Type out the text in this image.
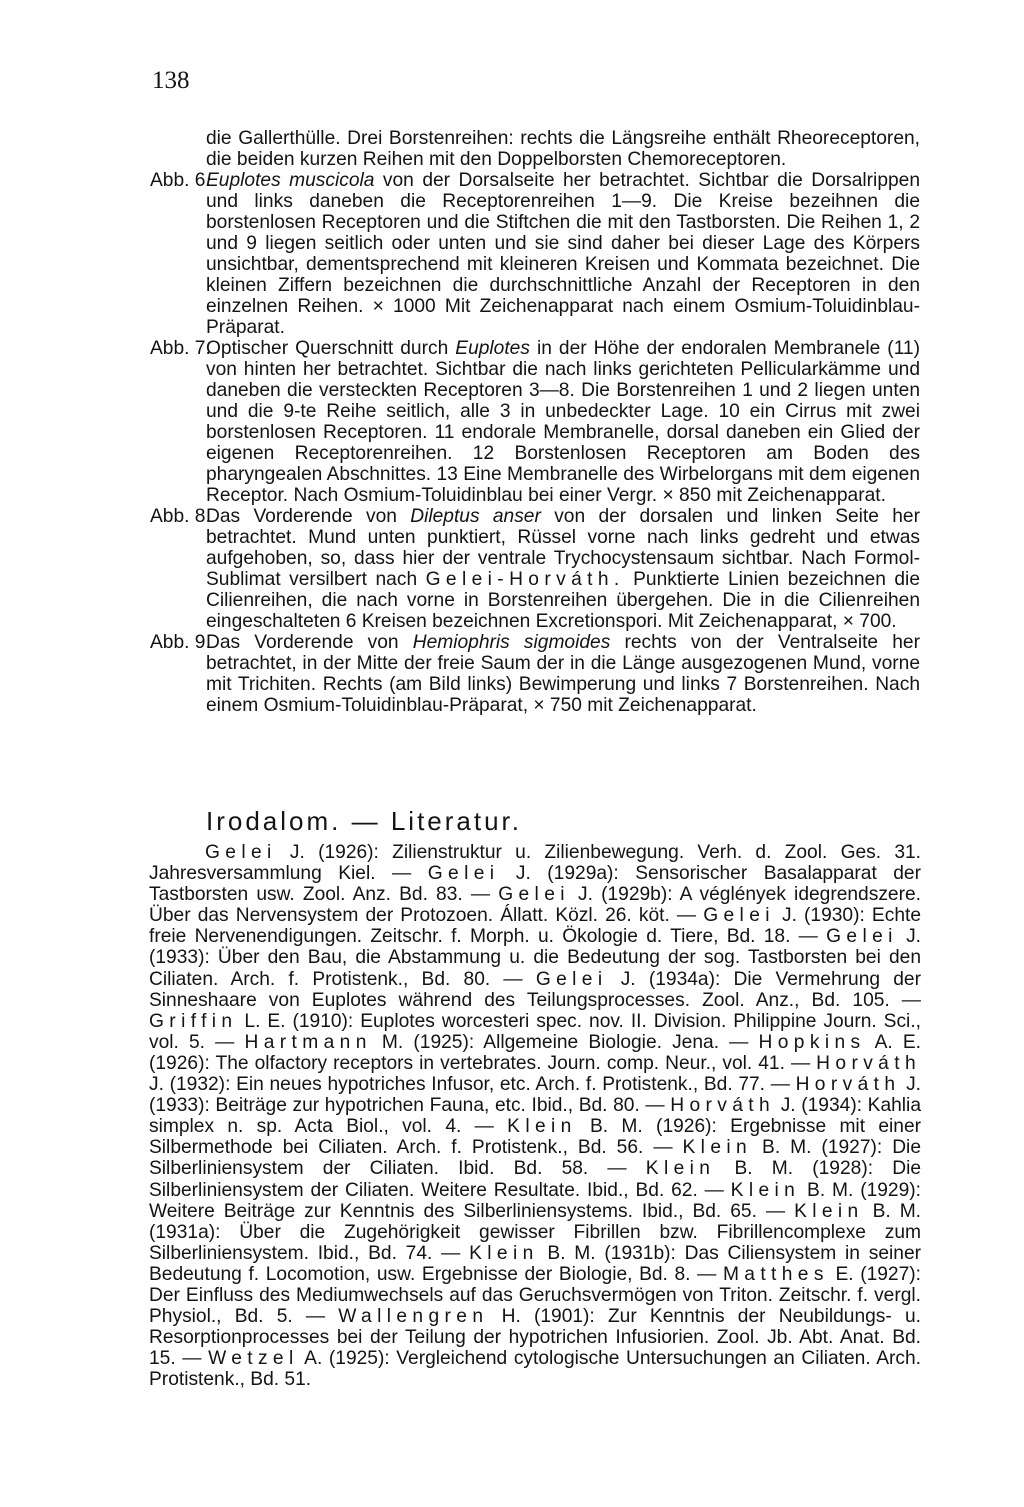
138

die Gallerthülle. Drei Borstenreihen: rechts die Längsreihe enthält Rheoreceptoren, die beiden kurzen Reihen mit den Doppelborsten Chemoreceptoren.

Abb. 6.
Euplotes muscicola von der Dorsalseite her betrachtet. Sichtbar die Dorsalrippen und links daneben die Receptorenreihen 1—9. Die Kreise bezeihnen die borstenlosen Receptoren und die Stiftchen die mit den Tastborsten. Die Reihen 1, 2 und 9 liegen seitlich oder unten und sie sind daher bei dieser Lage des Körpers unsichtbar, dementsprechend mit kleineren Kreisen und Kommata bezeichnet. Die kleinen Ziffern bezeichnen die durchschnittliche Anzahl der Receptoren in den einzelnen Reihen. × 1000 Mit Zeichenapparat nach einem Osmium-Toluidinblau-Präparat.
Abb. 7.
Optischer Querschnitt durch Euplotes in der Höhe der endoralen Membranele (11) von hinten her betrachtet. Sichtbar die nach links gerichteten Pellicularkämme und daneben die versteckten Receptoren 3—8. Die Borstenreihen 1 und 2 liegen unten und die 9-te Reihe seitlich, alle 3 in unbedeckter Lage. 10 ein Cirrus mit zwei borstenlosen Receptoren. 11 endorale Membranelle, dorsal daneben ein Glied der eigenen Receptorenreihen. 12 Borstenlosen Receptoren am Boden des pharyngealen Abschnittes. 13 Eine Membranelle des Wirbelorgans mit dem eigenen Receptor. Nach Osmium-Toluidinblau bei einer Vergr. × 850 mit Zeichenapparat.
Abb. 8.
Das Vorderende von Dileptus anser von der dorsalen und linken Seite her betrachtet. Mund unten punktiert, Rüssel vorne nach links gedreht und etwas aufgehoben, so, dass hier der ventrale Trychocystensaum sichtbar. Nach Formol-Sublimat versilbert nach Gelei-Horváth. Punktierte Linien bezeichnen die Cilienreihen, die nach vorne in Borstenreihen übergehen. Die in die Cilienreihen eingeschalteten 6 Kreisen bezeichnen Excretionspori. Mit Zeichenapparat, × 700.
Abb. 9.
Das Vorderende von Hemiophris sigmoides rechts von der Ventralseite her betrachtet, in der Mitte der freie Saum der in die Länge ausgezogenen Mund, vorne mit Trichiten. Rechts (am Bild links) Bewimperung und links 7 Borstenreihen. Nach einem Osmium-Toluidinblau-Präparat, × 750 mit Zeichenapparat.
Irodalom. — Literatur.

Gelei J. (1926): Zilienstruktur u. Zilienbewegung. Verh. d. Zool. Ges. 31. Jahresversammlung Kiel. — Gelei J. (1929a): Sensorischer Basalapparat der Tastborsten usw. Zool. Anz. Bd. 83. — Gelei J. (1929b): A véglények idegrendszere. Über das Nervensystem der Protozoen. Állatt. Közl. 26. köt. — Gelei J. (1930): Echte freie Nervenendigungen. Zeitschr. f. Morph. u. Ökologie d. Tiere, Bd. 18. — Gelei J. (1933): Über den Bau, die Abstammung u. die Bedeutung der sog. Tastborsten bei den Ciliaten. Arch. f. Protistenk., Bd. 80. — Gelei J. (1934a): Die Vermehrung der Sinneshaare von Euplotes während des Teilungsprocesses. Zool. Anz., Bd. 105. — Griffin L. E. (1910): Euplotes worcesteri spec. nov. II. Division. Philippine Journ. Sci., vol. 5. — Hartmann M. (1925): Allgemeine Biologie. Jena. — Hopkins A. E. (1926): The olfactory receptors in vertebrates. Journ. comp. Neur., vol. 41. — Horváth J. (1932): Ein neues hypotriches Infusor, etc. Arch. f. Protistenk., Bd. 77. — Horváth J. (1933): Beiträge zur hypotrichen Fauna, etc. Ibid., Bd. 80. — Horváth J. (1934): Kahlia simplex n. sp. Acta Biol., vol. 4. — Klein B. M. (1926): Ergebnisse mit einer Silbermethode bei Ciliaten. Arch. f. Protistenk., Bd. 56. — Klein B. M. (1927): Die Silberliniensystem der Ciliaten. Ibid. Bd. 58. — Klein B. M. (1928): Die Silberliniensystem der Ciliaten. Weitere Resultate. Ibid., Bd. 62. — Klein B. M. (1929): Weitere Beiträge zur Kenntnis des Silberliniensystems. Ibid., Bd. 65. — Klein B. M. (1931a): Über die Zugehörigkeit gewisser Fibrillen bzw. Fibrillencomplexe zum Silberliniensystem. Ibid., Bd. 74. — Klein B. M. (1931b): Das Ciliensystem in seiner Bedeutung f. Locomotion, usw. Ergebnisse der Biologie, Bd. 8. — Matthes E. (1927): Der Einfluss des Mediumwechsels auf das Geruchsvermögen von Triton. Zeitschr. f. vergl. Physiol., Bd. 5. — Wallengren H. (1901): Zur Kenntnis der Neubildungs- u. Resorptionprocesses bei der Teilung der hypotrichen Infusiorien. Zool. Jb. Abt. Anat. Bd. 15. — Wetzel A. (1925): Vergleichend cytologische Untersuchungen an Ciliaten. Arch. Protistenk., Bd. 51.
